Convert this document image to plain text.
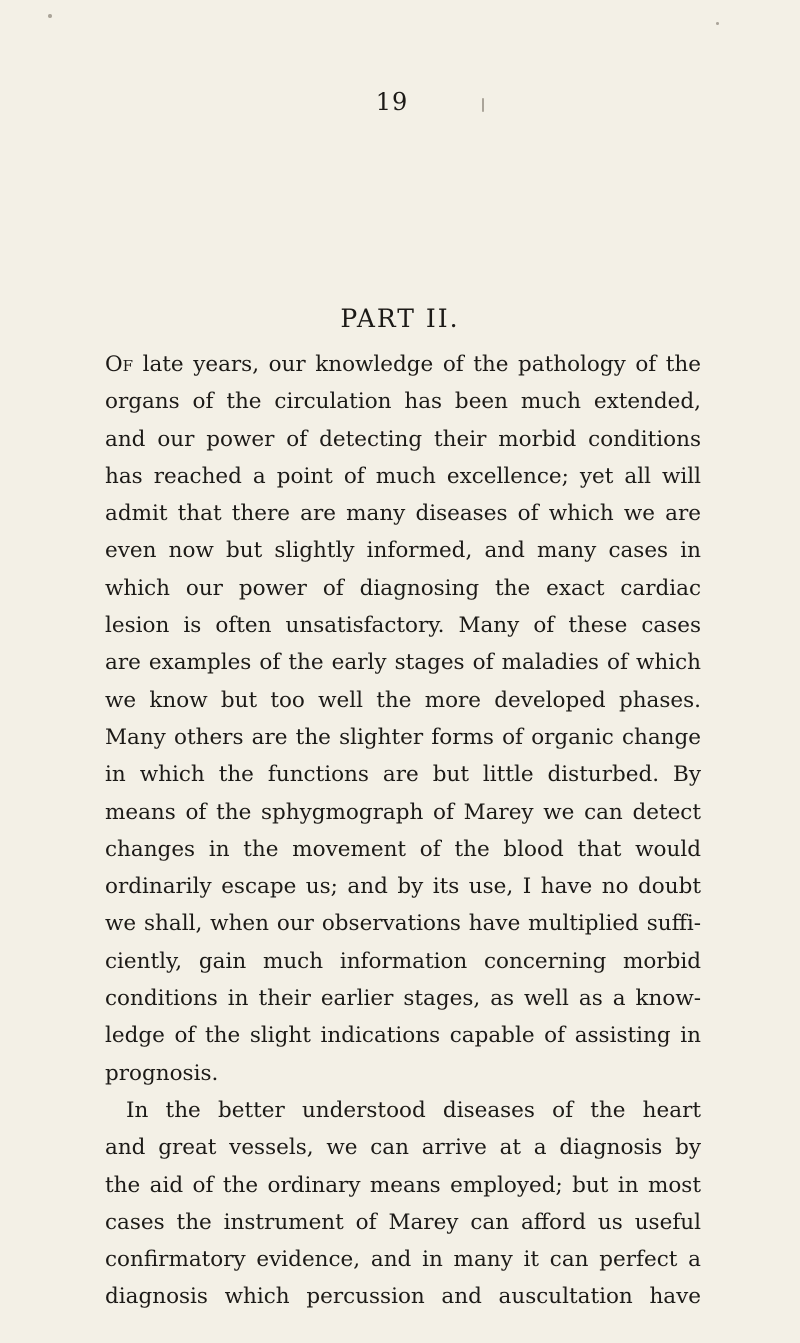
19
PART II.
Of late years, our knowledge of the pathology of the
organs of the circulation has been much extended,
and our power of detecting their morbid conditions
has reached a point of much excellence; yet all will
admit that there are many diseases of which we are
even now but slightly informed, and many cases in
which our power of diagnosing the exact cardiac
lesion is often unsatisfactory. Many of these cases
are examples of the early stages of maladies of which
we know but too well the more developed phases.
Many others are the slighter forms of organic change
in which the functions are but little disturbed. By
means of the sphygmograph of Marey we can detect
changes in the movement of the blood that would
ordinarily escape us; and by its use, I have no doubt
we shall, when our observations have multiplied suffi-
ciently, gain much information concerning morbid
conditions in their earlier stages, as well as a know-
ledge of the slight indications capable of assisting in
prognosis.
In the better understood diseases of the heart
and great vessels, we can arrive at a diagnosis by
the aid of the ordinary means employed; but in most
cases the instrument of Marey can afford us useful
confirmatory evidence, and in many it can perfect a
diagnosis which percussion and auscultation have
